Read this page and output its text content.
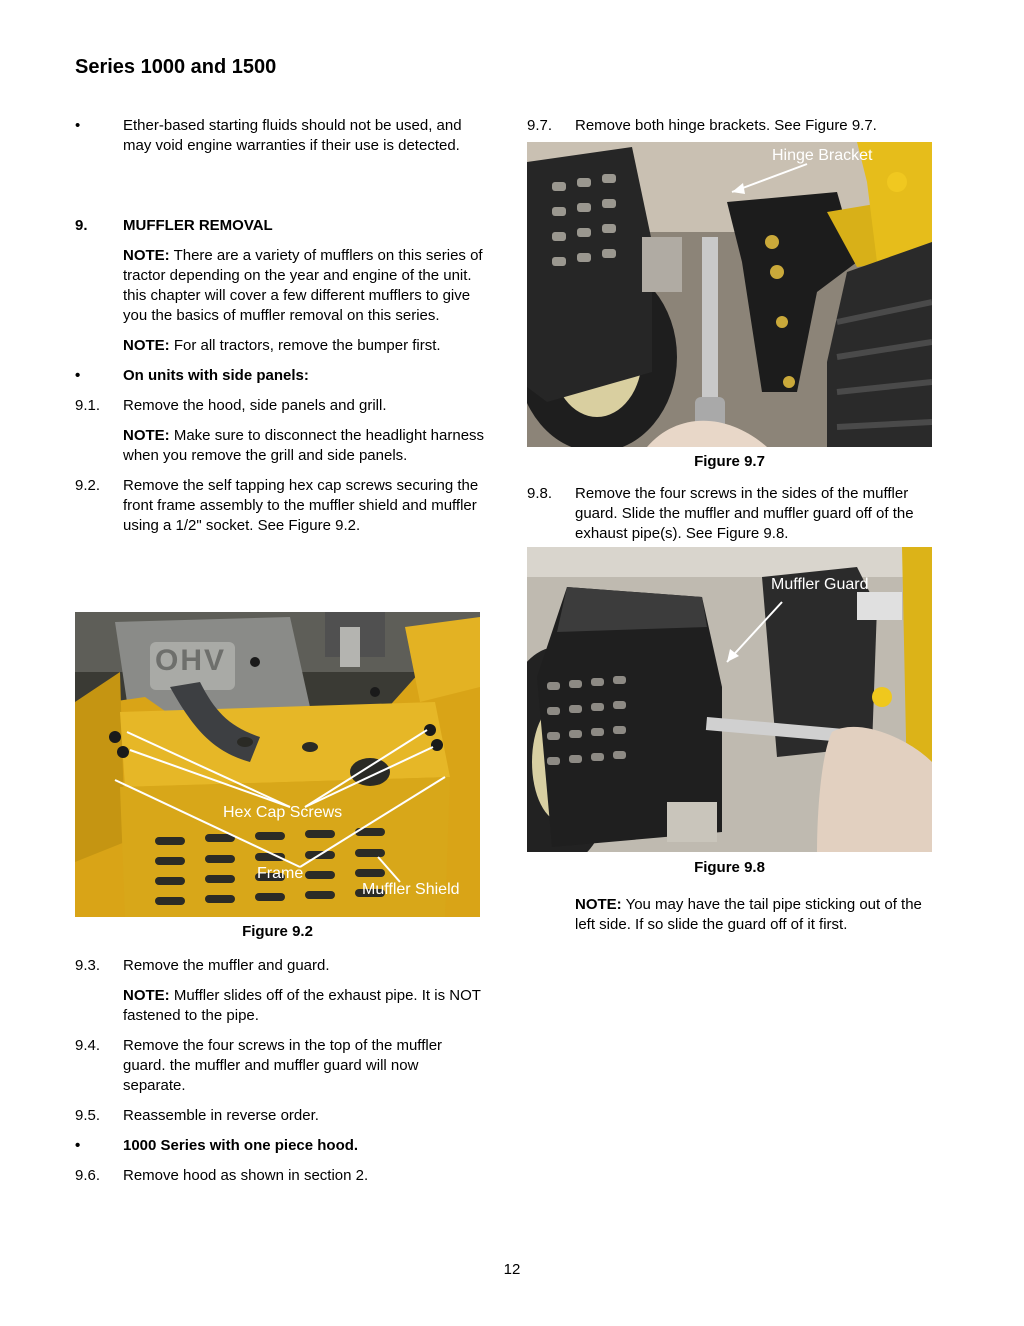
Series 1000 and 1500
•	Ether-based starting fluids should not be used, and may void engine warranties if their use is detected.
9.	MUFFLER REMOVAL
NOTE: There are a variety of mufflers on this series of tractor depending on the year and engine of the unit. this chapter will cover a few different mufflers to give you the basics of muffler removal on this series.
NOTE: For all tractors, remove the bumper first.
•	On units with side panels:
9.1.	Remove the hood, side panels and grill.
NOTE: Make sure to disconnect the headlight harness when you remove the grill and side panels.
9.2.	Remove the self tapping hex cap screws securing the front frame assembly to the muffler shield and muffler using a 1/2" socket. See Figure 9.2.
Hex Cap Screws
Frame
Muffler Shield
OHV
Figure 9.2
9.3.	Remove the muffler and guard.
NOTE: Muffler slides off of the exhaust pipe. It is NOT fastened to the pipe.
9.4.	Remove the four screws in the top of the muffler guard. the muffler and muffler guard will now separate.
9.5.	Reassemble in reverse order.
•	1000 Series with one piece hood.
9.6.	Remove hood as shown in section 2.
9.7.	Remove both hinge brackets. See Figure 9.7.
Hinge Bracket
Figure 9.7
9.8.	Remove the four screws in the sides of the muffler guard. Slide the muffler and muffler guard off of the exhaust pipe(s). See Figure 9.8.
Muffler Guard
Figure 9.8
NOTE: You may have the tail pipe sticking out of the left side. If so slide the guard off of it first.
12
